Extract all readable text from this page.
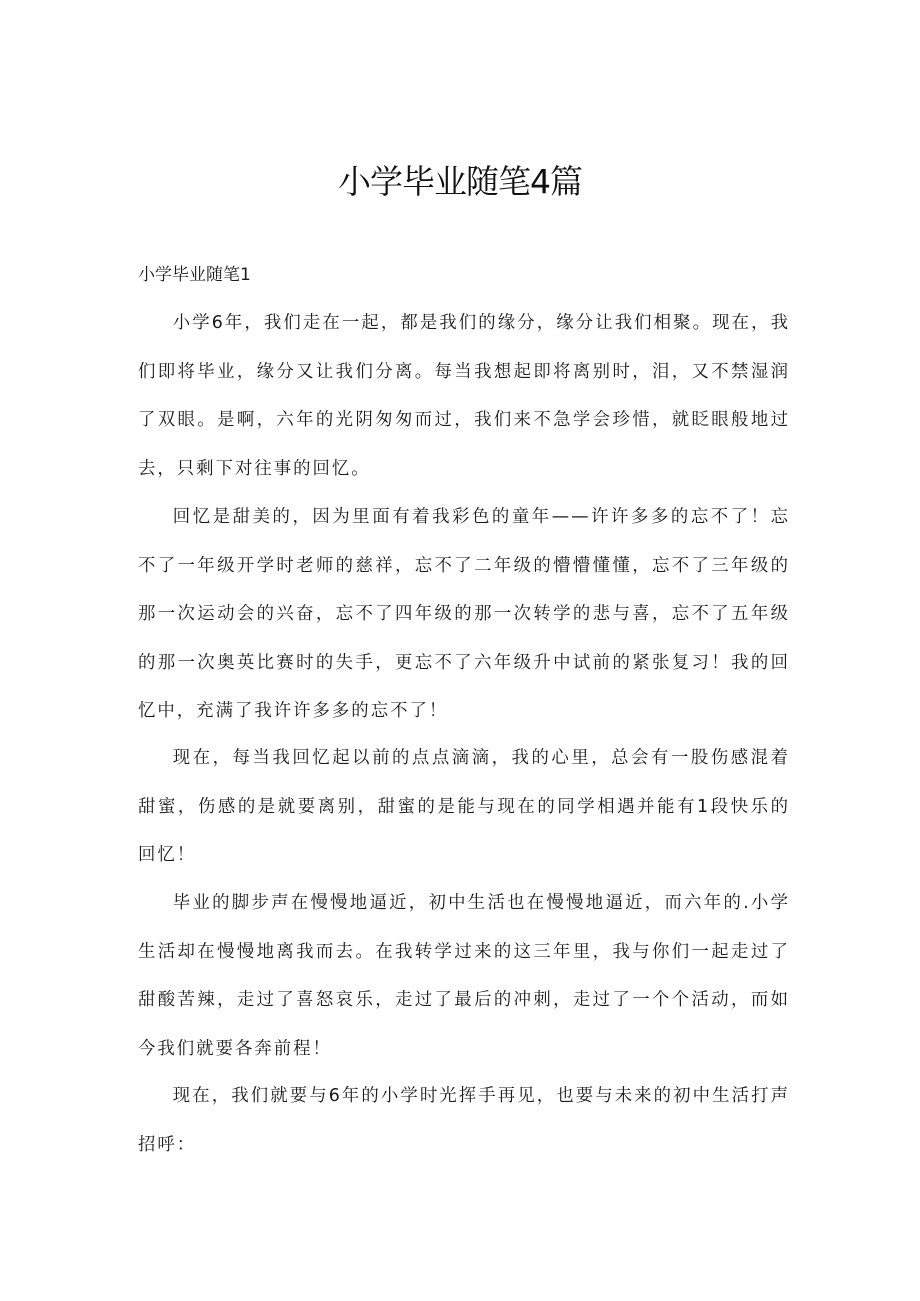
小学毕业随笔4篇

小学毕业随笔1

小学6年，我们走在一起，都是我们的缘分，缘分让我们相聚。现在，我们即将毕业，缘分又让我们分离。每当我想起即将离别时，泪，又不禁湿润了双眼。是啊，六年的光阴匆匆而过，我们来不急学会珍惜，就眨眼般地过去，只剩下对往事的回忆。

回忆是甜美的，因为里面有着我彩色的童年——许许多多的忘不了！忘不了一年级开学时老师的慈祥，忘不了二年级的懵懵懂懂，忘不了三年级的那一次运动会的兴奋，忘不了四年级的那一次转学的悲与喜，忘不了五年级的那一次奥英比赛时的失手，更忘不了六年级升中试前的紧张复习！我的回忆中，充满了我许许多多的忘不了！

现在，每当我回忆起以前的点点滴滴，我的心里，总会有一股伤感混着甜蜜，伤感的是就要离别，甜蜜的是能与现在的同学相遇并能有1段快乐的回忆！

毕业的脚步声在慢慢地逼近，初中生活也在慢慢地逼近，而六年的.小学生活却在慢慢地离我而去。在我转学过来的这三年里，我与你们一起走过了甜酸苦辣，走过了喜怒哀乐，走过了最后的冲刺，走过了一个个活动，而如今我们就要各奔前程！

现在，我们就要与6年的小学时光挥手再见，也要与未来的初中生活打声招呼：
